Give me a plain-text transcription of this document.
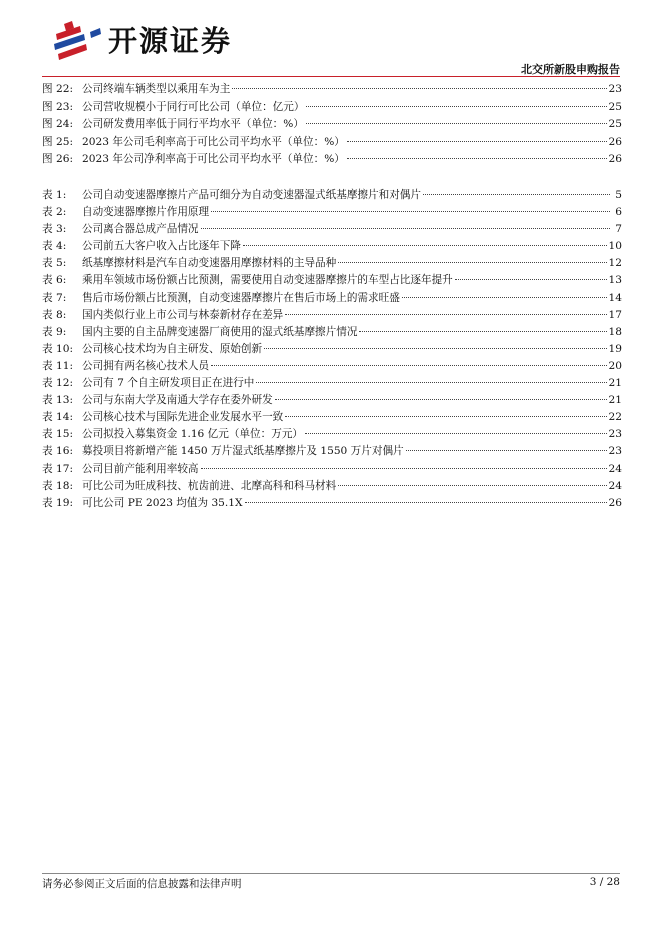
开源证券
北交所新股申购报告
图 22: 公司终端车辆类型以乘用车为主	23
图 23: 公司营收规模小于同行可比公司（单位：亿元）	25
图 24: 公司研发费用率低于同行平均水平（单位：%）	25
图 25: 2023 年公司毛利率高于可比公司平均水平（单位：%）	26
图 26: 2023 年公司净利率高于可比公司平均水平（单位：%）	26
表 1:	公司自动变速器摩擦片产品可细分为自动变速器湿式纸基摩擦片和对偶片	5
表 2:	自动变速器摩擦片作用原理	6
表 3:	公司离合器总成产品情况	7
表 4:	公司前五大客户收入占比逐年下降	10
表 5:	纸基摩擦材料是汽车自动变速器用摩擦材料的主导品种	12
表 6:	乘用车领域市场份额占比预测，需要使用自动变速器摩擦片的车型占比逐年提升	13
表 7:	售后市场份额占比预测，自动变速器摩擦片在售后市场上的需求旺盛	14
表 8:	国内类似行业上市公司与林泰新材存在差异	17
表 9:	国内主要的自主品牌变速器厂商使用的湿式纸基摩擦片情况	18
表 10: 公司核心技术均为自主研发、原始创新	19
表 11: 公司拥有两名核心技术人员	20
表 12: 公司有 7 个自主研发项目正在进行中	21
表 13: 公司与东南大学及南通大学存在委外研发	21
表 14: 公司核心技术与国际先进企业发展水平一致	22
表 15: 公司拟投入募集资金 1.16 亿元（单位：万元）	23
表 16: 募投项目将新增产能 1450 万片湿式纸基摩擦片及 1550 万片对偶片	23
表 17: 公司目前产能利用率较高	24
表 18: 可比公司为旺成科技、杭齿前进、北摩高科和科马材料	24
表 19: 可比公司 PE 2023 均值为 35.1X	26
请务必参阅正文后面的信息披露和法律声明	3 / 28
